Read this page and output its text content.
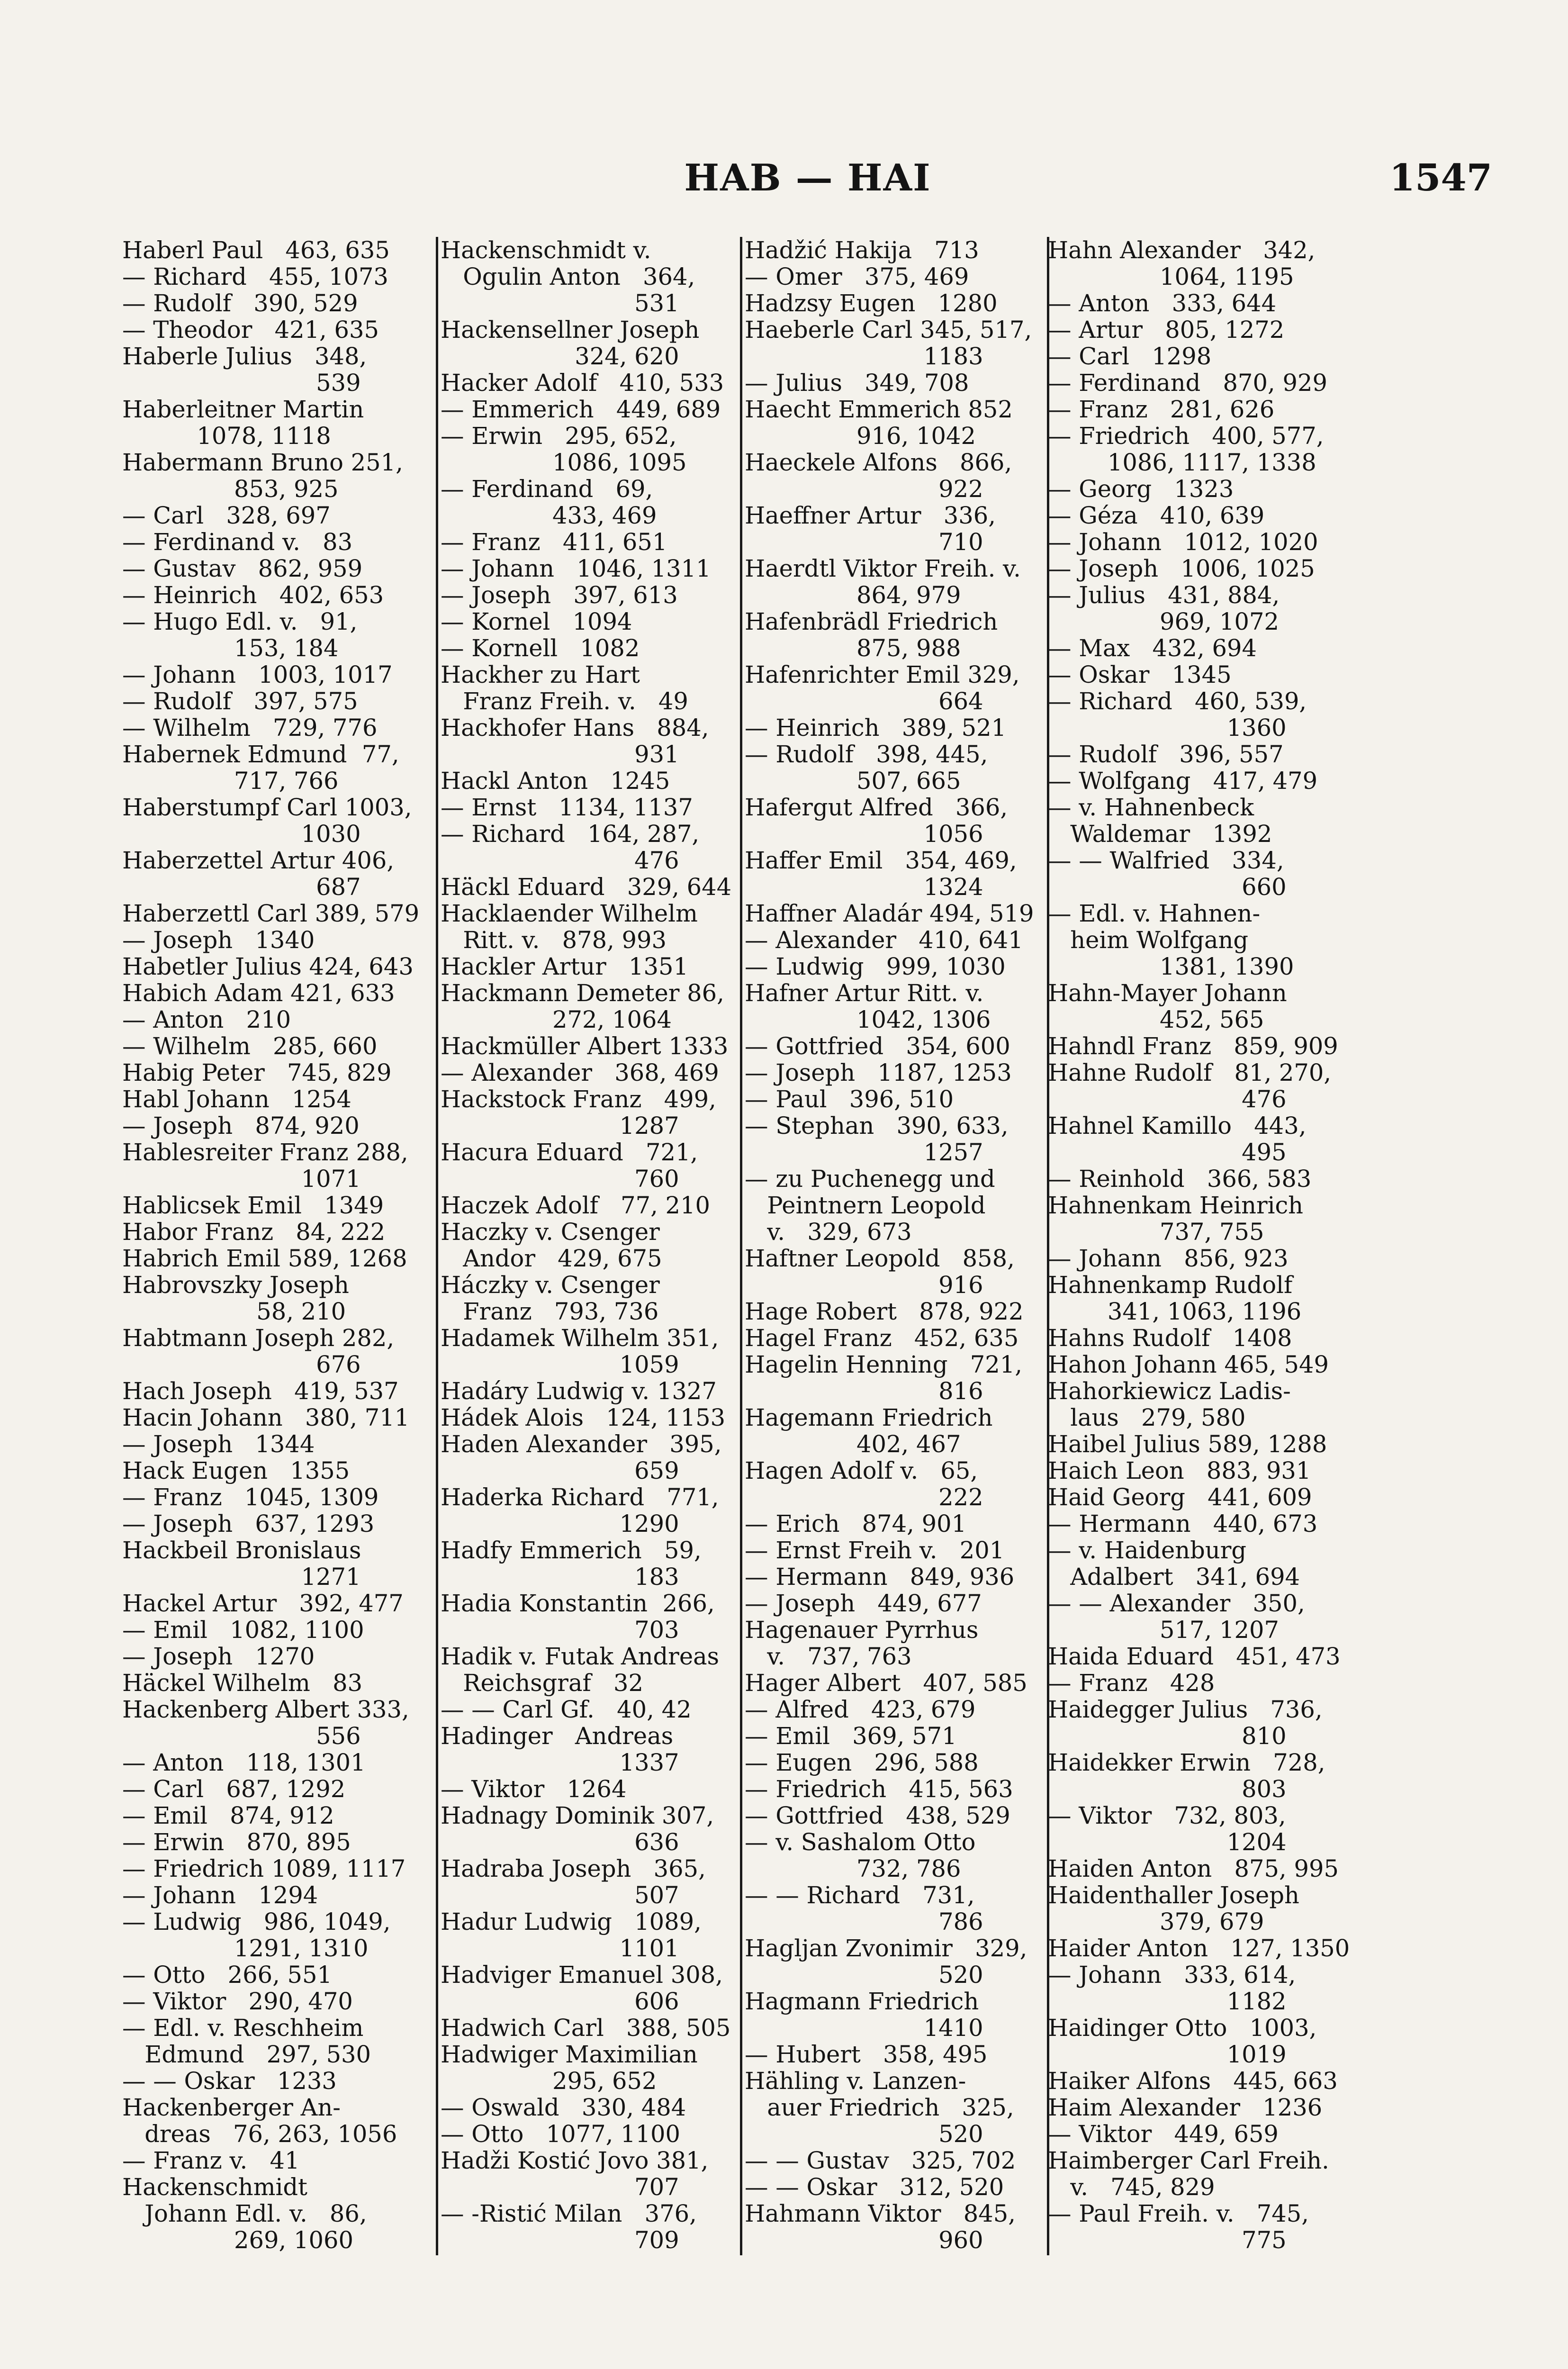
HAB — HAI	1547
Haberl Paul   463, 635
— Richard   455, 1073
— Rudolf   390, 529
— Theodor   421, 635
Haberle Julius   348,
539
Haberleitner Martin
1078, 1118
Habermann Bruno 251,
853, 925
— Carl   328, 697
— Ferdinand v.   83
— Gustav   862, 959
— Heinrich   402, 653
— Hugo Edl. v.   91,
153, 184
— Johann   1003, 1017
— Rudolf   397, 575
— Wilhelm   729, 776
Habernek Edmund  77,
717, 766
Haberstumpf Carl 1003,
1030
Haberzettel Artur 406,
687
Haberzettl Carl 389, 579
— Joseph   1340
Habetler Julius 424, 643
Habich Adam 421, 633
— Anton   210
— Wilhelm   285, 660
Habig Peter   745, 829
Habl Johann   1254
— Joseph   874, 920
Hablesreiter Franz 288,
1071
Hablicsek Emil   1349
Habor Franz   84, 222
Habrich Emil 589, 1268
Habrovszky Joseph
58, 210
Habtmann Joseph 282,
676
Hach Joseph   419, 537
Hacin Johann   380, 711
— Joseph   1344
Hack Eugen   1355
— Franz   1045, 1309
— Joseph   637, 1293
Hackbeil Bronislaus
1271
Hackel Artur   392, 477
— Emil   1082, 1100
— Joseph   1270
Häckel Wilhelm   83
Hackenberg Albert 333,
556
— Anton   118, 1301
— Carl   687, 1292
— Emil   874, 912
— Erwin   870, 895
— Friedrich 1089, 1117
— Johann   1294
— Ludwig   986, 1049,
1291, 1310
— Otto   266, 551
— Viktor   290, 470
— Edl. v. Reschheim
Edmund   297, 530
— — Oskar   1233
Hackenberger An-
dreas   76, 263, 1056
— Franz v.   41
Hackenschmidt
Johann Edl. v.   86,
269, 1060
Hackenschmidt v.
Ogulin Anton   364,
531
Hackensellner Joseph
324, 620
Hacker Adolf   410, 533
— Emmerich   449, 689
— Erwin   295, 652,
1086, 1095
— Ferdinand   69,
433, 469
— Franz   411, 651
— Johann   1046, 1311
— Joseph   397, 613
— Kornel   1094
— Kornell   1082
Hackher zu Hart
Franz Freih. v.   49
Hackhofer Hans   884,
931
Hackl Anton   1245
— Ernst   1134, 1137
— Richard   164, 287,
476
Häckl Eduard   329, 644
Hacklaender Wilhelm
Ritt. v.   878, 993
Hackler Artur   1351
Hackmann Demeter 86,
272, 1064
Hackmüller Albert 1333
— Alexander   368, 469
Hackstock Franz   499,
1287
Hacura Eduard   721,
760
Haczek Adolf   77, 210
Haczky v. Csenger
Andor   429, 675
Háczky v. Csenger
Franz   793, 736
Hadamek Wilhelm 351,
1059
Hadáry Ludwig v. 1327
Hádek Alois   124, 1153
Haden Alexander   395,
659
Haderka Richard   771,
1290
Hadfy Emmerich   59,
183
Hadia Konstantin  266,
703
Hadik v. Futak Andreas
Reichsgraf   32
— — Carl Gf.   40, 42
Hadinger   Andreas
1337
— Viktor   1264
Hadnagy Dominik 307,
636
Hadraba Joseph   365,
507
Hadur Ludwig   1089,
1101
Hadviger Emanuel 308,
606
Hadwich Carl   388, 505
Hadwiger Maximilian
295, 652
— Oswald   330, 484
— Otto   1077, 1100
Hadži Kostić Jovo 381,
707
— -Ristić Milan   376,
709
Hadžić Hakija   713
— Omer   375, 469
Hadzsy Eugen   1280
Haeberle Carl 345, 517,
1183
— Julius   349, 708
Haecht Emmerich 852
916, 1042
Haeckele Alfons   866,
922
Haeffner Artur   336,
710
Haerdtl Viktor Freih. v.
864, 979
Hafenbrädl Friedrich
875, 988
Hafenrichter Emil 329,
664
— Heinrich   389, 521
— Rudolf   398, 445,
507, 665
Hafergut Alfred   366,
1056
Haffer Emil   354, 469,
1324
Haffner Aladár 494, 519
— Alexander   410, 641
— Ludwig   999, 1030
Hafner Artur Ritt. v.
1042, 1306
— Gottfried   354, 600
— Joseph   1187, 1253
— Paul   396, 510
— Stephan   390, 633,
1257
— zu Puchenegg und
Peintnern Leopold
v.   329, 673
Haftner Leopold   858,
916
Hage Robert   878, 922
Hagel Franz   452, 635
Hagelin Henning   721,
816
Hagemann Friedrich
402, 467
Hagen Adolf v.   65,
222
— Erich   874, 901
— Ernst Freih v.   201
— Hermann   849, 936
— Joseph   449, 677
Hagenauer Pyrrhus
v.   737, 763
Hager Albert   407, 585
— Alfred   423, 679
— Emil   369, 571
— Eugen   296, 588
— Friedrich   415, 563
— Gottfried   438, 529
— v. Sashalom Otto
732, 786
— — Richard   731,
786
Hagljan Zvonimir   329,
520
Hagmann Friedrich
1410
— Hubert   358, 495
Hähling v. Lanzen-
auer Friedrich   325,
520
— — Gustav   325, 702
— — Oskar   312, 520
Hahmann Viktor   845,
960
Hahn Alexander   342,
1064, 1195
— Anton   333, 644
— Artur   805, 1272
— Carl   1298
— Ferdinand   870, 929
— Franz   281, 626
— Friedrich   400, 577,
1086, 1117, 1338
— Georg   1323
— Géza   410, 639
— Johann   1012, 1020
— Joseph   1006, 1025
— Julius   431, 884,
969, 1072
— Max   432, 694
— Oskar   1345
— Richard   460, 539,
1360
— Rudolf   396, 557
— Wolfgang   417, 479
— v. Hahnenbeck
Waldemar   1392
— — Walfried   334,
660
— Edl. v. Hahnen-
heim Wolfgang
1381, 1390
Hahn-Mayer Johann
452, 565
Hahndl Franz   859, 909
Hahne Rudolf   81, 270,
476
Hahnel Kamillo   443,
495
— Reinhold   366, 583
Hahnenkam Heinrich
737, 755
— Johann   856, 923
Hahnenkamp Rudolf
341, 1063, 1196
Hahns Rudolf   1408
Hahon Johann 465, 549
Hahorkiewicz Ladis-
laus   279, 580
Haibel Julius 589, 1288
Haich Leon   883, 931
Haid Georg   441, 609
— Hermann   440, 673
— v. Haidenburg
Adalbert   341, 694
— — Alexander   350,
517, 1207
Haida Eduard   451, 473
— Franz   428
Haidegger Julius   736,
810
Haidekker Erwin   728,
803
— Viktor   732, 803,
1204
Haiden Anton   875, 995
Haidenthaller Joseph
379, 679
Haider Anton   127, 1350
— Johann   333, 614,
1182
Haidinger Otto   1003,
1019
Haiker Alfons   445, 663
Haim Alexander   1236
— Viktor   449, 659
Haimberger Carl Freih.
v.   745, 829
— Paul Freih. v.   745,
775
